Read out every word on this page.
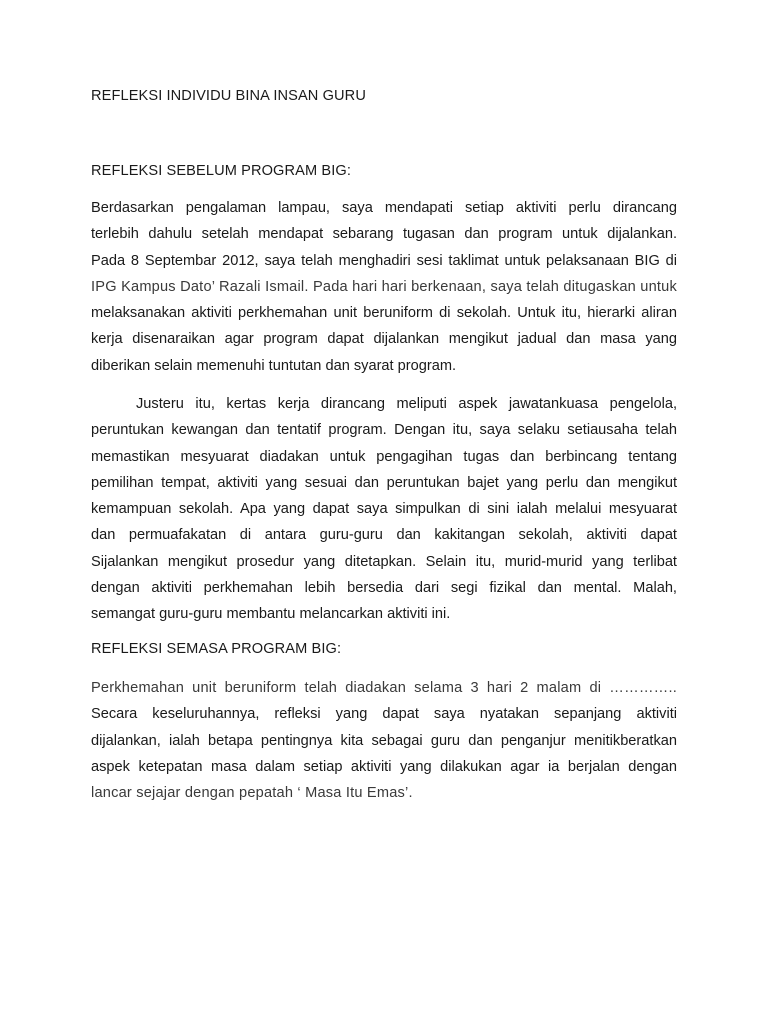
REFLEKSI INDIVIDU BINA INSAN GURU
REFLEKSI SEBELUM PROGRAM BIG:

Berdasarkan pengalaman lampau, saya mendapati setiap aktiviti perlu dirancang
terlebih dahulu setelah mendapat sebarang tugasan dan program untuk dijalankan.
Pada 8 Septembar 2012, saya telah menghadiri sesi taklimat untuk pelaksanaan BIG di
IPG Kampus Dato’ Razali Ismail. Pada hari hari berkenaan, saya telah ditugaskan untuk
melaksanakan aktiviti perkhemahan unit beruniform di sekolah. Untuk itu, hierarki aliran
kerja disenaraikan agar program dapat dijalankan mengikut jadual dan masa yang
diberikan selain memenuhi tuntutan dan syarat program.

Justeru itu, kertas kerja dirancang meliputi aspek jawatankuasa pengelola,
peruntukan kewangan dan tentatif program. Dengan itu, saya selaku setiausaha telah
memastikan mesyuarat diadakan untuk pengagihan tugas dan berbincang tentang
pemilihan tempat, aktiviti yang sesuai dan peruntukan bajet yang perlu dan mengikut
kemampuan sekolah. Apa yang dapat saya simpulkan di sini ialah melalui mesyuarat
dan permuafakatan di antara guru-guru dan kakitangan sekolah, aktiviti dapat
Sijalankan mengikut prosedur yang ditetapkan. Selain itu, murid-murid yang terlibat
dengan aktiviti perkhemahan lebih bersedia dari segi fizikal dan mental. Malah,
semangat guru-guru membantu melancarkan aktiviti ini.

REFLEKSI SEMASA PROGRAM BIG:

Perkhemahan unit beruniform telah diadakan selama 3 hari 2 malam di …………..
Secara keseluruhannya, refleksi yang dapat saya nyatakan sepanjang aktiviti
dijalankan, ialah betapa pentingnya kita sebagai guru dan penganjur menitikberatkan
aspek ketepatan masa dalam setiap aktiviti yang dilakukan agar ia berjalan dengan
lancar sejajar dengan pepatah ‘ Masa Itu Emas’.
